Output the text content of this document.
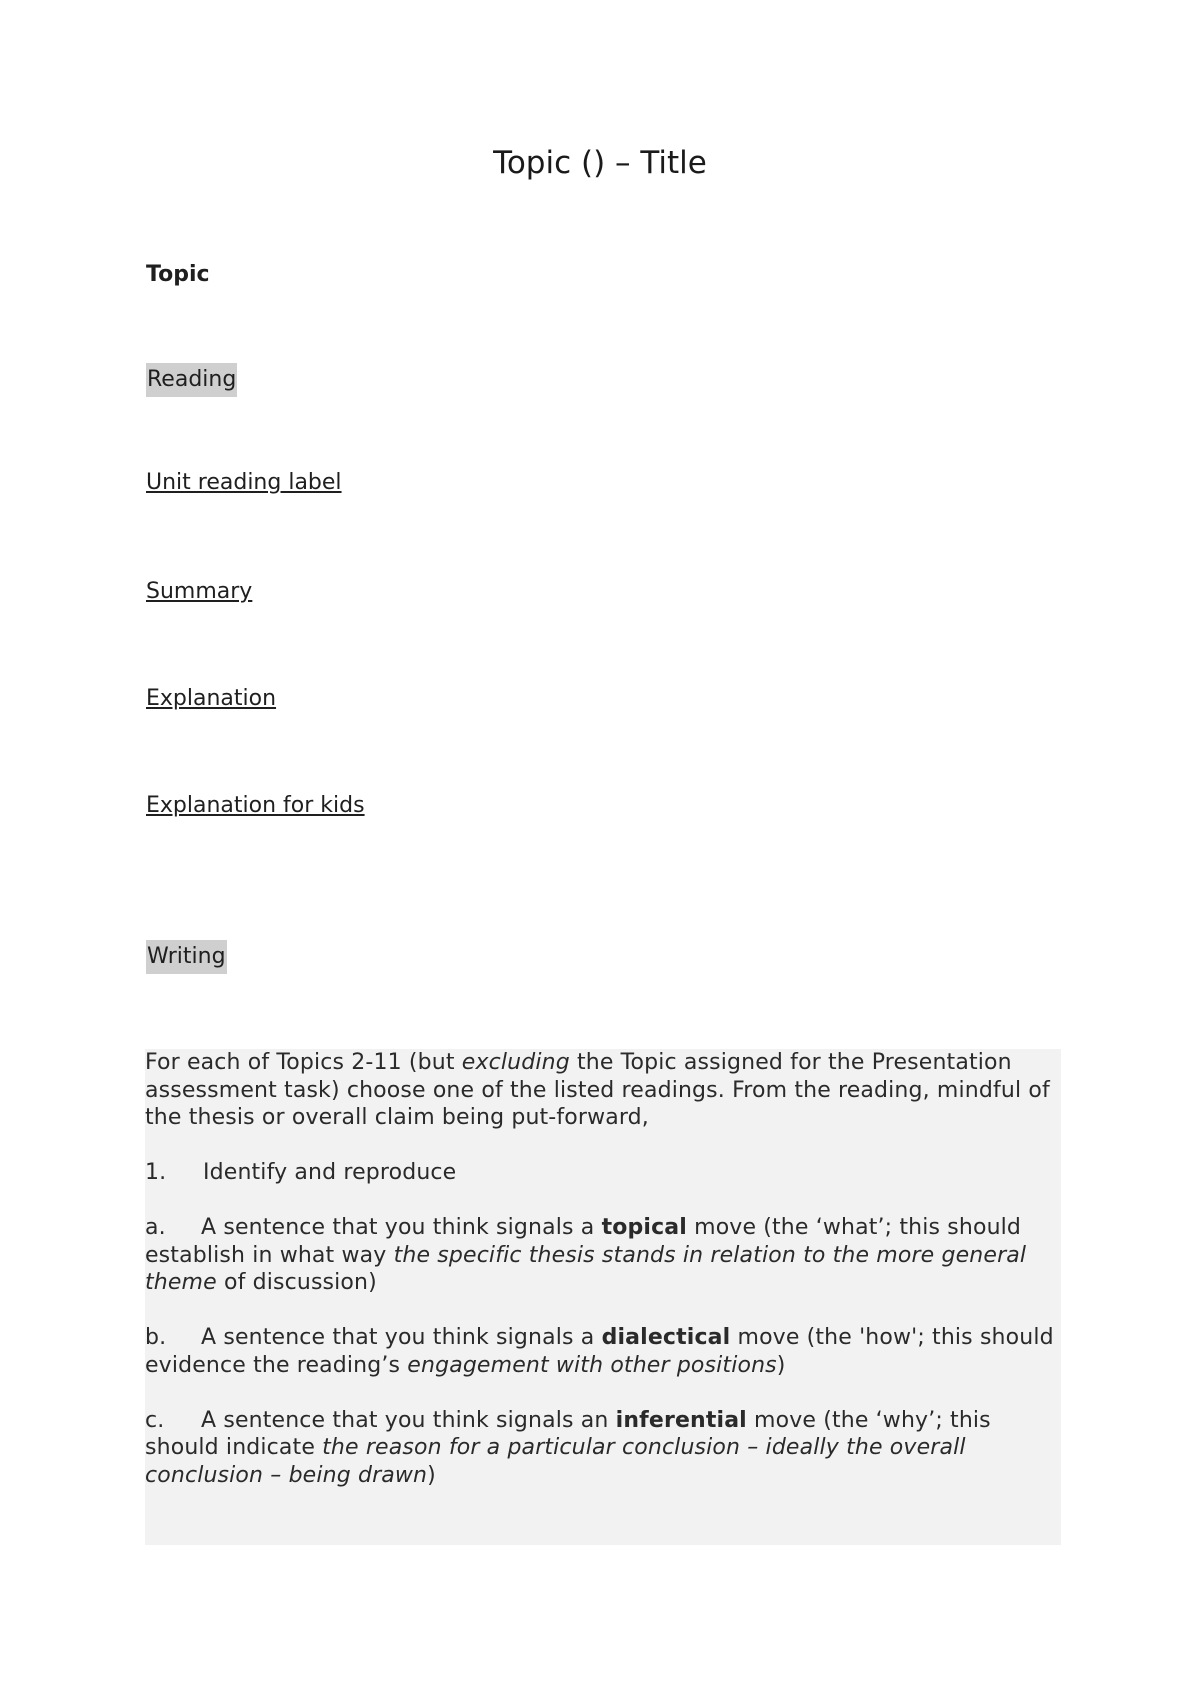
Topic () – Title
Topic
Reading
Unit reading label
Summary
Explanation
Explanation for kids
Writing

For each of Topics 2-11 (but excluding the Topic assigned for the Presentation assessment task) choose one of the listed readings. From the reading, mindful of the thesis or overall claim being put-forward,

1. Identify and reproduce

a. A sentence that you think signals a topical move (the ‘what’; this should establish in what way the specific thesis stands in relation to the more general theme of discussion)

b. A sentence that you think signals a dialectical move (the 'how'; this should evidence the reading’s engagement with other positions)

c. A sentence that you think signals an inferential move (the ‘why’; this should indicate the reason for a particular conclusion – ideally the overall conclusion – being drawn)
